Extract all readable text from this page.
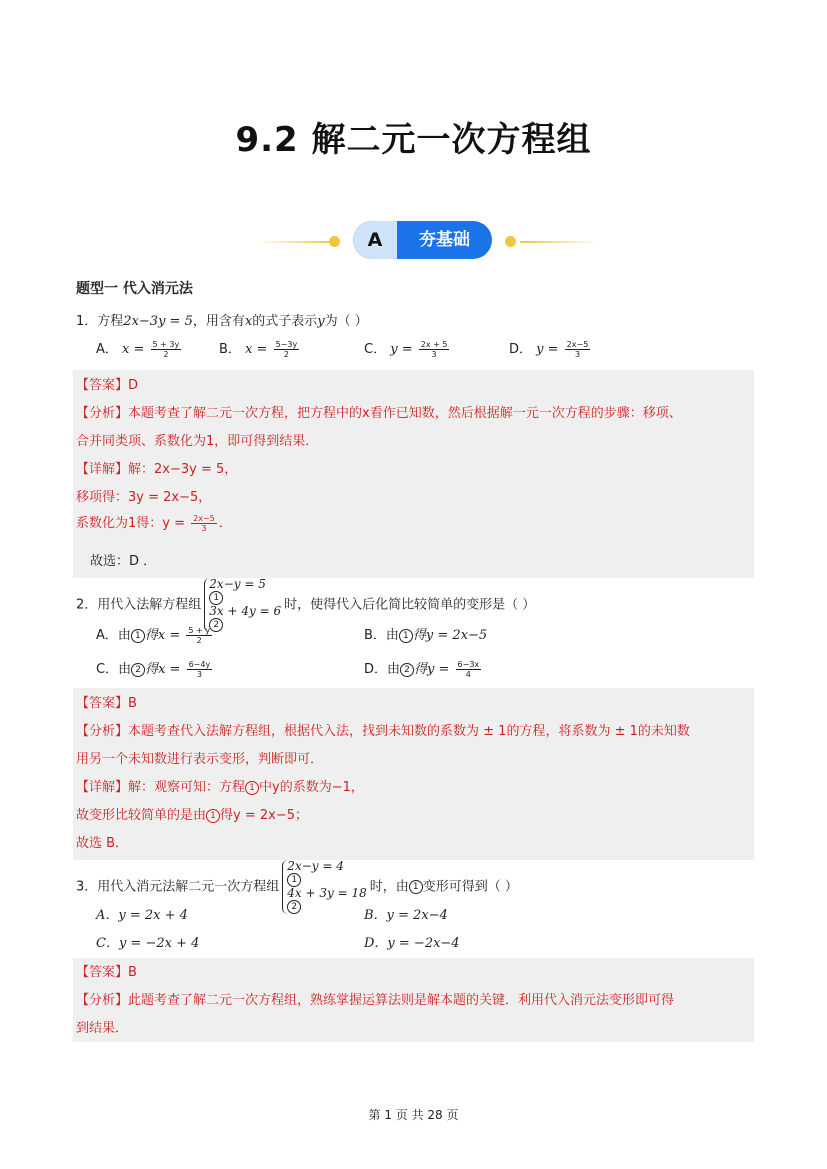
9.2 解二元一次方程组
A	夯基础
题型一 代入消元法
1．方程2x−3y = 5，用含有x的式子表示y为（ ）
A． $x = \frac{5 + 3y}{2}$	B． $x = \frac{5-3y}{2}$	C． $y = \frac{2x + 5}{3}$	D． $y = \frac{2x-5}{3}$
【答案】D
【分析】本题考查了解二元一次方程，把方程中的x看作已知数，然后根据解一元一次方程的步骤：移项、
合并同类项、系数化为1，即可得到结果．
【详解】解：2x−3y = 5，
移项得：3y = 2x−5，
系数化为1得：$y = \frac{2x-5}{3}$ ．
故选：D ．
2．用代入法解方程组
2x−y = 5
1
3x + 4y = 6
2
时，使得代入后化简比较简单的变形是（ ）
A．由 1 得$x = \frac{5 + y}{2}$	B．由 1 得y = 2x−5
C．由 2 得$x = \frac{6-4y}{3}$	D．由 2 得$y = \frac{6-3x}{4}$
【答案】B
【分析】本题考查代入法解方程组，根据代入法，找到未知数的系数为 ± 1的方程，将系数为 ± 1的未知数
用另一个未知数进行表示变形，判断即可．
【详解】解：观察可知：方程 1 中y的系数为−1，
故变形比较简单的是由 1 得y = 2x−5；
故选 B．
3．用代入消元法解二元一次方程组
2x−y = 4
1
4x + 3y = 18
2
时，由 1 变形可得到（ ）
A．y = 2x + 4	B．y = 2x−4
C．y = −2x + 4	D．y = −2x−4
【答案】B
【分析】此题考查了解二元一次方程组，熟练掌握运算法则是解本题的关键．利用代入消元法变形即可得
到结果．
第 1 页 共 28 页
